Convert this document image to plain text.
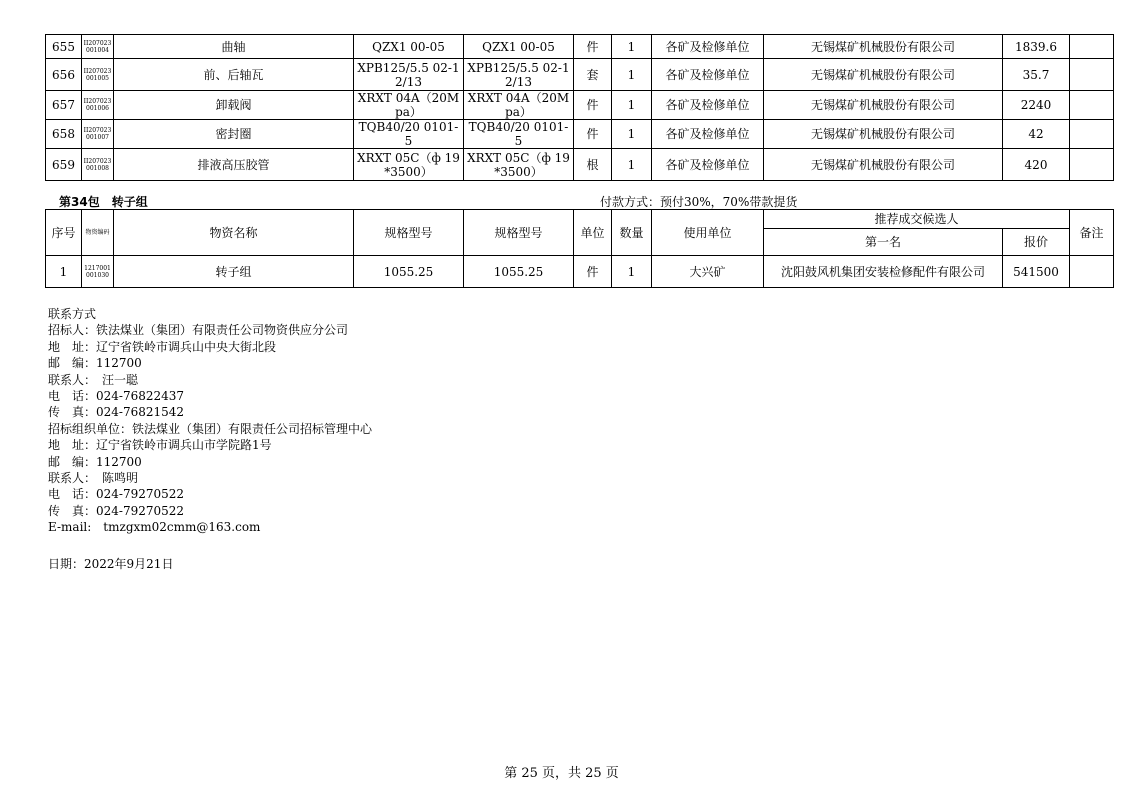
655	II207023001004	曲轴	QZX1 00-05	QZX1 00-05	件	1	各矿及检修单位	无锡煤矿机械股份有限公司	1839.6	
656	II207023001005	前、后轴瓦	XPB125/5.5 02-12/13	XPB125/5.5 02-12/13	套	1	各矿及检修单位	无锡煤矿机械股份有限公司	35.7	
657	II207023001006	卸载阀	XRXT 04A（20Mpa）	XRXT 04A（20Mpa）	件	1	各矿及检修单位	无锡煤矿机械股份有限公司	2240	
658	II207023001007	密封圈	TQB40/20 0101-5	TQB40/20 0101-5	件	1	各矿及检修单位	无锡煤矿机械股份有限公司	42	
659	II207023001008	排液高压胶管	XRXT 05C（ф 19*3500）	XRXT 05C（ф 19*3500）	根	1	各矿及检修单位	无锡煤矿机械股份有限公司	420	
第34包 转子组	付款方式：预付30%，70%带款提货
序号	物资编码	物资名称	规格型号	规格型号	单位	数量	使用单位	推荐成交候选人		备注
								第一名	报价	
1	1217001001030	转子组	1055.25	1055.25	件	1	大兴矿	沈阳鼓风机集团安装检修配件有限公司	541500	
联系方式
招标人：铁法煤业（集团）有限责任公司物资供应分公司
地　址：辽宁省铁岭市调兵山中央大街北段
邮　编：112700
联系人：　汪一聪
电　话：024-76822437
传　真：024-76821542
招标组织单位：铁法煤业（集团）有限责任公司招标管理中心
地　址：辽宁省铁岭市调兵山市学院路1号
邮　编：112700
联系人：　陈鸣明
电　话：024-79270522
传　真：024-79270522
E-mail:　tmzgxm02cmm@163.com
日期：2022年9月21日
第 25 页，共 25 页
